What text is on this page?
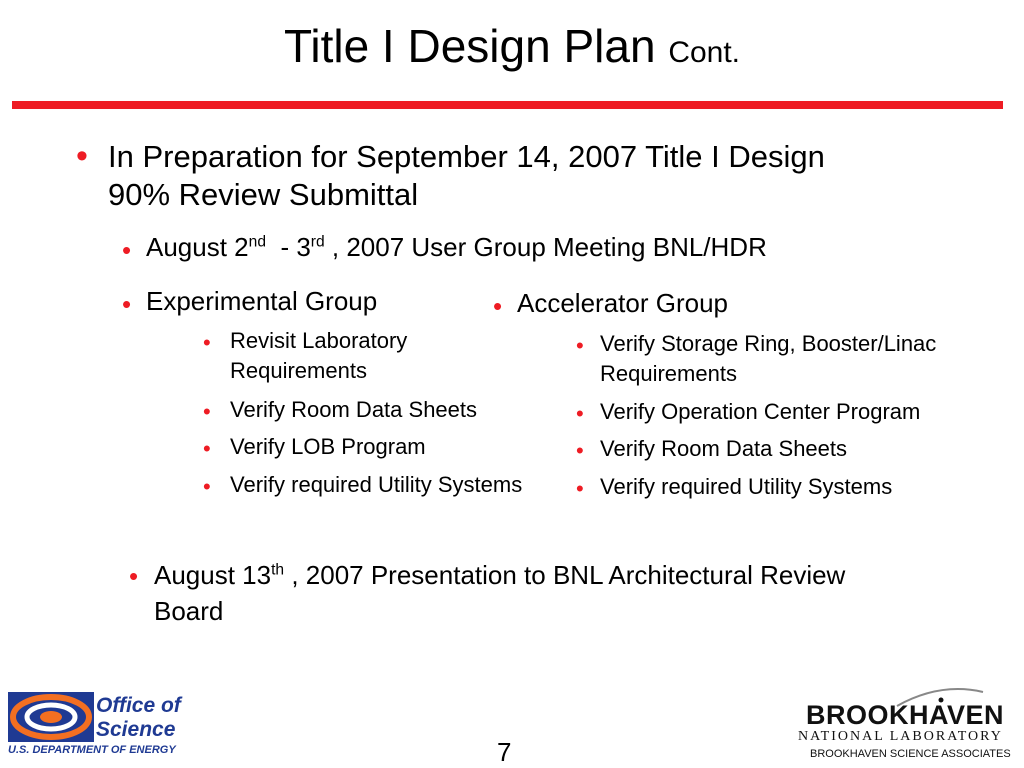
Title I Design Plan Cont.
• In Preparation for September 14, 2007 Title I Design
90% Review Submittal
• August 2nd  - 3rd , 2007 User Group Meeting BNL/HDR
• Experimental Group
• Revisit Laboratory
Requirements
• Verify Room Data Sheets
• Verify LOB Program
• Verify required Utility Systems
• Accelerator Group
• Verify Storage Ring, Booster/Linac
Requirements
• Verify Operation Center Program
• Verify Room Data Sheets
• Verify required Utility Systems
• August 13th , 2007 Presentation to BNL Architectural Review
Board
Office of
Science
U.S. DEPARTMENT OF ENERGY	7
BROOKHAVEN
NATIONAL LABORATORY
BROOKHAVEN SCIENCE ASSOCIATES
